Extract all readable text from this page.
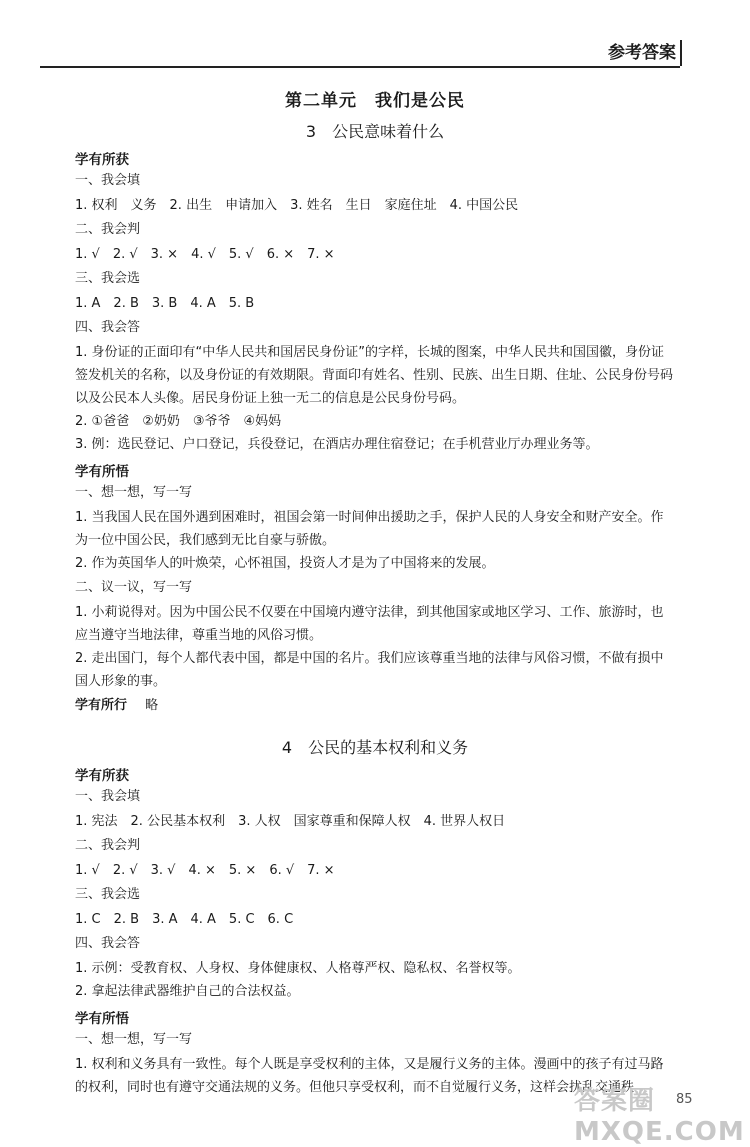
参考答案
第二单元　我们是公民
3　公民意味着什么
学有所获
一、我会填
1. 权利　义务　2. 出生　申请加入　3. 姓名　生日　家庭住址　4. 中国公民
二、我会判
1. √　2. √　3. ×　4. √　5. √　6. ×　7. ×
三、我会选
1. A　2. B　3. B　4. A　5. B
四、我会答
1. 身份证的正面印有“中华人民共和国居民身份证”的字样，长城的图案，中华人民共和国国徽，身份证签发机关的名称，以及身份证的有效期限。背面印有姓名、性别、民族、出生日期、住址、公民身份号码以及公民本人头像。居民身份证上独一无二的信息是公民身份号码。
2. ①爸爸　②奶奶　③爷爷　④妈妈
3. 例：选民登记、户口登记，兵役登记，在酒店办理住宿登记；在手机营业厅办理业务等。
学有所悟
一、想一想，写一写
1. 当我国人民在国外遇到困难时，祖国会第一时间伸出援助之手，保护人民的人身安全和财产安全。作为一位中国公民，我们感到无比自豪与骄傲。
2. 作为英国华人的叶焕荣，心怀祖国，投资人才是为了中国将来的发展。
二、议一议，写一写
1. 小莉说得对。因为中国公民不仅要在中国境内遵守法律，到其他国家或地区学习、工作、旅游时，也应当遵守当地法律，尊重当地的风俗习惯。
2. 走出国门，每个人都代表中国，都是中国的名片。我们应该尊重当地的法律与风俗习惯，不做有损中国人形象的事。
学有所行 略
4　公民的基本权利和义务
学有所获
一、我会填
1. 宪法　2. 公民基本权利　3. 人权　国家尊重和保障人权　4. 世界人权日
二、我会判
1. √　2. √　3. √　4. ×　5. ×　6. √　7. ×
三、我会选
1. C　2. B　3. A　4. A　5. C　6. C
四、我会答
1. 示例：受教育权、人身权、身体健康权、人格尊严权、隐私权、名誉权等。
2. 拿起法律武器维护自己的合法权益。
学有所悟
一、想一想，写一写
1. 权利和义务具有一致性。每个人既是享受权利的主体，又是履行义务的主体。漫画中的孩子有过马路的权利，同时也有遵守交通法规的义务。但他只享受权利，而不自觉履行义务，这样会扰乱交通秩
答案圈 MXQE.COM
85
